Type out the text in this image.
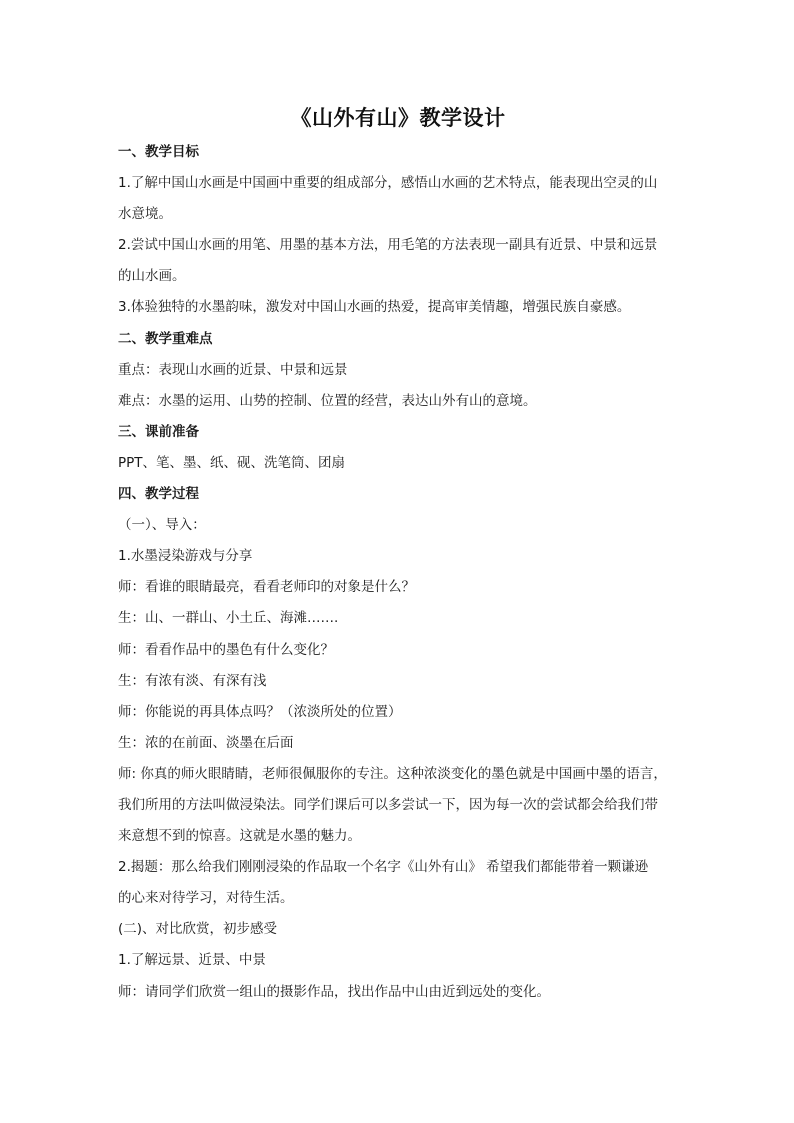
《山外有山》教学设计

一、教学目标

1.了解中国山水画是中国画中重要的组成部分，感悟山水画的艺术特点，能表现出空灵的山

水意境。

2.尝试中国山水画的用笔、用墨的基本方法，用毛笔的方法表现一副具有近景、中景和远景

的山水画。

3.体验独特的水墨韵味，激发对中国山水画的热爱，提高审美情趣，增强民族自豪感。

二、教学重难点

重点：表现山水画的近景、中景和远景

难点：水墨的运用、山势的控制、位置的经营，表达山外有山的意境。

三、课前准备

PPT、笔、墨、纸、砚、洗笔筒、团扇

四、教学过程

（一）、导入：

1.水墨浸染游戏与分享

师：看谁的眼睛最亮，看看老师印的对象是什么？

生：山、一群山、小土丘、海滩…….

师：看看作品中的墨色有什么变化？

生：有浓有淡、有深有浅

师：你能说的再具体点吗？（浓淡所处的位置）

生：浓的在前面、淡墨在后面

师: 你真的师火眼睛睛，老师很佩服你的专注。这种浓淡变化的墨色就是中国画中墨的语言，

我们所用的方法叫做浸染法。同学们课后可以多尝试一下，因为每一次的尝试都会给我们带

来意想不到的惊喜。这就是水墨的魅力。

2.揭题：那么给我们刚刚浸染的作品取一个名字《山外有山》 希望我们都能带着一颗谦逊

的心来对待学习，对待生活。

(二)、对比欣赏，初步感受

1.了解远景、近景、中景

师：请同学们欣赏一组山的摄影作品，找出作品中山由近到远处的变化。
